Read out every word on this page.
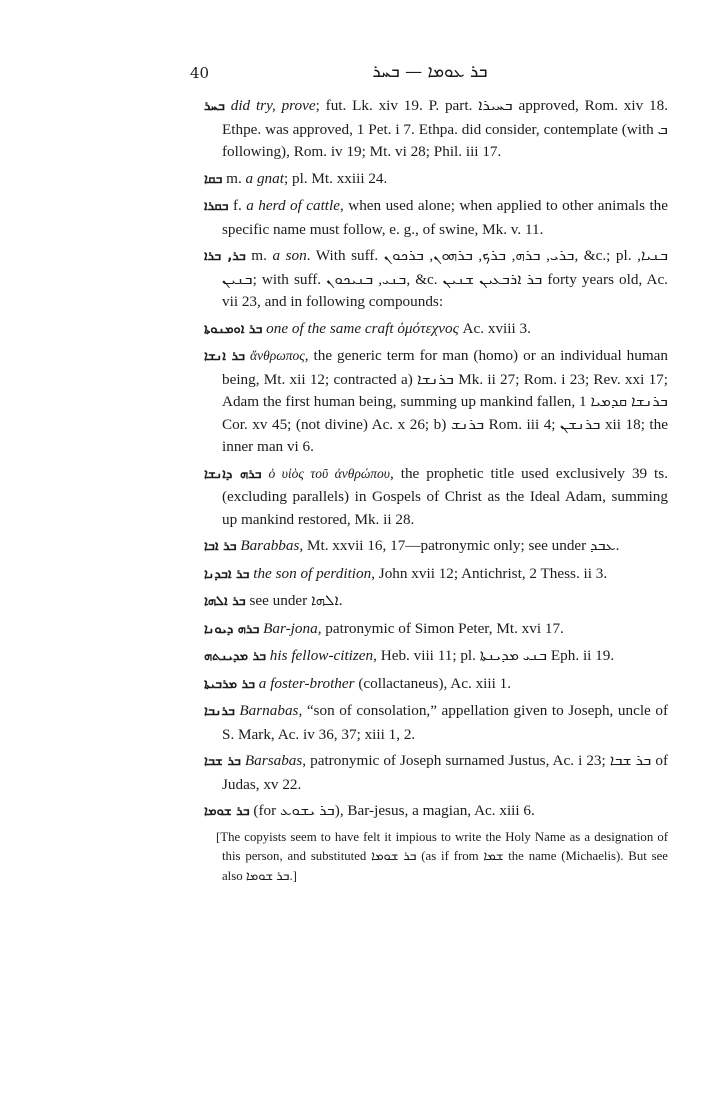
40	ܒܪ ܥܘܡܐ — ܒܚܪ

ܒܚܪ did try, prove; fut. Lk. xiv 19. P. part. ܒܚܝܪܐ approved, Rom. xiv 18. Ethpe. was approved, 1 Pet. i 7. Ethpa. did consider, contemplate (with ܒ following), Rom. iv 19; Mt. vi 28; Phil. iii 17.

ܒܩܐ m. a gnat; pl. Mt. xxiii 24.

ܒܩܪܐ f. a herd of cattle, when used alone; when applied to other animals the specific name must follow, e. g., of swine, Mk. v. 11.

ܒܪ, ܒܪܐ m. a son. With suff. ܒܪܝ, ܒܪܗ, ܒܪܟ, ܒܪܗܘܢ, ܒܪܟܘܢ, &c.; pl. ܒܢܝܐ, ܒܢܝܢ; with suff. ܒܢܝ, ܒܢܝܟܘܢ, &c. ܒܪ ܐܪܒܥܝܢ ܫܢܝܢ forty years old, Ac. vii 23, and in following compounds:

ܒܪ ܐܘܡܢܘܬܐ one of the same craft ὁμότεχνος Ac. xviii 3.

ܒܪ ܐܢܫܐ ἄνθρωπος, the generic term for man (homo) or an individual human being, Mt. xii 12; contracted a) ܒܪܢܫܐ Mk. ii 27; Rom. i 23; Rev. xxi 17; Adam the first human being, summing up mankind fallen, ܒܪܢܫܐ ܩܕܡܝܐ 1 Cor. xv 45; (not divine) Ac. x 26; b) ܒܪܢܫ Rom. iii 4; ܒܪܢܫܢ xii 18; the inner man vi 6.

ܒܪܗ ܕܐܢܫܐ ὁ υἱὸς τοῦ ἀνθρώπου, the prophetic title used exclusively 39 ts. (excluding parallels) in Gospels of Christ as the Ideal Adam, summing up mankind restored, Mk. ii 28.

ܒܪ ܐܒܐ Barabbas, Mt. xxvii 16, 17—patronymic only; see under ܥܒܕ.

ܒܪ ܐܒܕܢܐ the son of perdition, John xvii 12; Antichrist, 2 Thess. ii 3.

ܒܪ ܐܠܗܐ see under ܐܠܗܐ.

ܒܪܗ ܕܝܘܢܐ Bar-jona, patronymic of Simon Peter, Mt. xvi 17.

ܒܪ ܡܕܝܢܬܗ his fellow-citizen, Heb. viii 11; pl. ܒܢܝ ܡܕܝܢܬܐ Eph. ii 19.

ܒܪ ܡܪܒܝܬܐ a foster-brother (collactaneus), Ac. xiii 1.

ܒܪܢܒܐ Barnabas, “son of consolation,” appellation given to Joseph, uncle of S. Mark, Ac. iv 36, 37; xiii 1, 2.

ܒܪ ܫܒܐ Barsabas, patronymic of Joseph surnamed Justus, Ac. i 23; ܒܪ ܫܒܐ of Judas, xv 22.

ܒܪ ܫܘܡܐ (for ܒܪ ܝܫܘܥ), Bar-jesus, a magian, Ac. xiii 6.

[The copyists seem to have felt it impious to write the Holy Name as a designation of this person, and substituted ܒܪ ܫܘܡܐ (as if from ܫܡܐ the name (Michaelis). But see also ܒܪ ܫܘܡܐ.]
